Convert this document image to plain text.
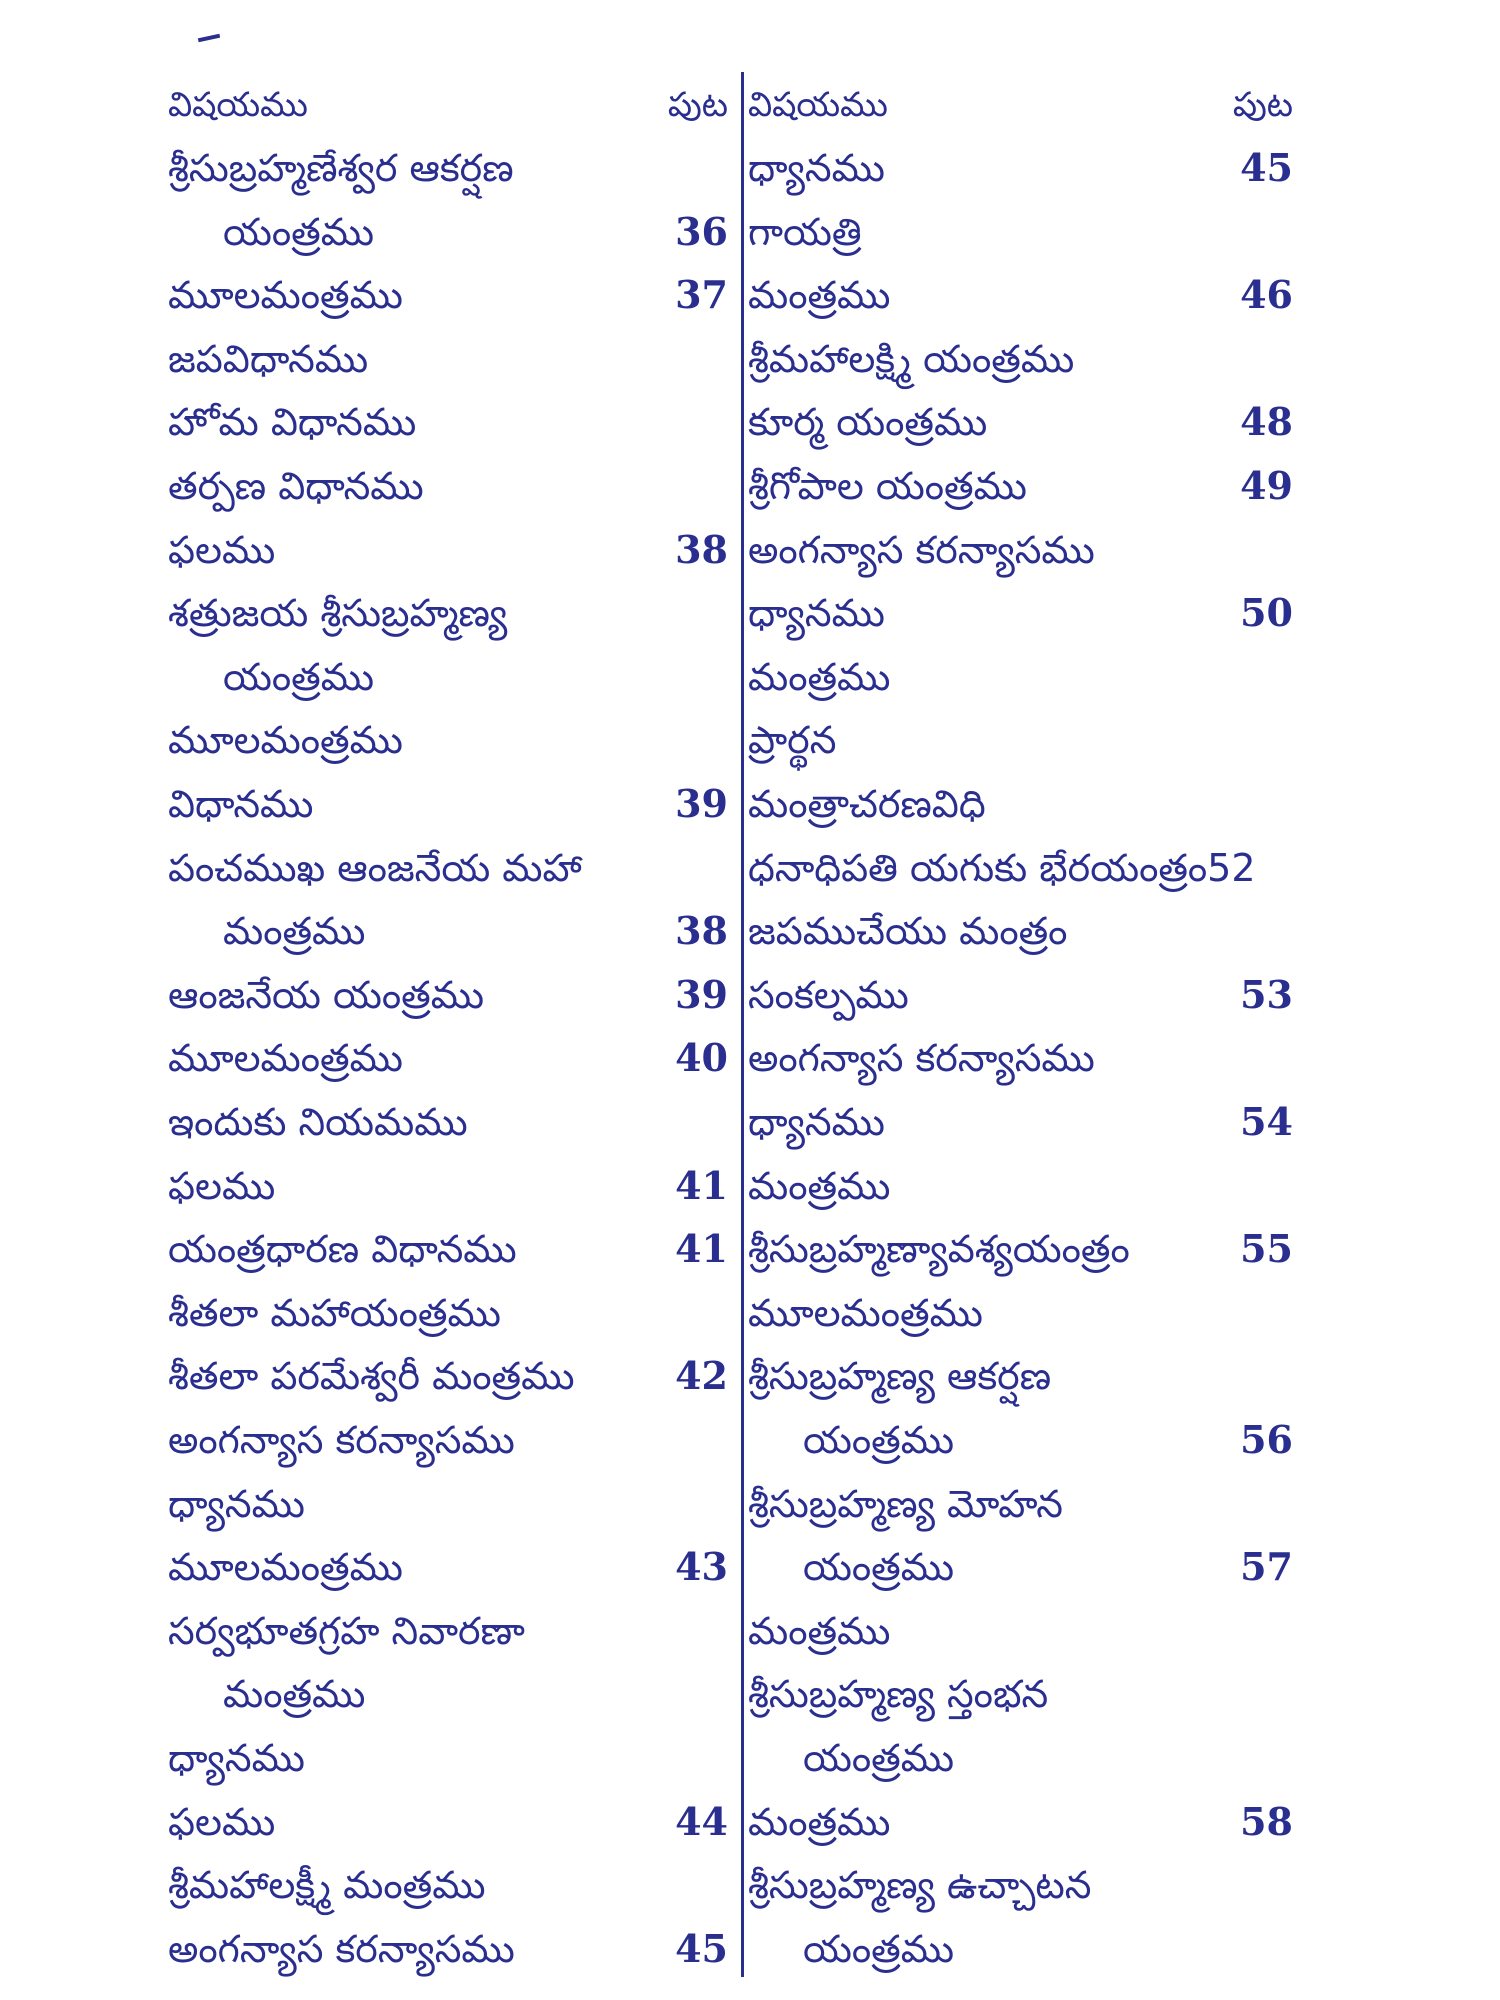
విషయము	పుట
శ్రీసుబ్రహ్మణేశ్వర ఆకర్షణ
యంత్రము	36
మూలమంత్రము	37
జపవిధానము
హోమ విధానము
తర్పణ విధానము
ఫలము	38
శత్రుజయ శ్రీసుబ్రహ్మణ్య
యంత్రము
మూలమంత్రము
విధానము	39
పంచముఖ ఆంజనేయ మహా
మంత్రము	38
ఆంజనేయ యంత్రము	39
మూలమంత్రము	40
ఇందుకు నియమము
ఫలము	41
యంత్రధారణ విధానము	41
శీతలా మహాయంత్రము
శీతలా పరమేశ్వరీ మంత్రము	42
అంగన్యాస కరన్యాసము
ధ్యానము
మూలమంత్రము	43
సర్వభూతగ్రహ నివారణా
మంత్రము
ధ్యానము
ఫలము	44
శ్రీమహాలక్ష్మీ మంత్రము
అంగన్యాస కరన్యాసము	45
విషయము	పుట
ధ్యానము	45
గాయత్రి
మంత్రము	46
శ్రీమహాలక్ష్మి యంత్రము
కూర్మ యంత్రము	48
శ్రీగోపాల యంత్రము	49
అంగన్యాస కరన్యాసము
ధ్యానము	50
మంత్రము
ప్రార్థన
మంత్రాచరణవిధి
ధనాధిపతి యగుకు భేరయంత్రం52
జపముచేయు మంత్రం
సంకల్పము	53
అంగన్యాస కరన్యాసము
ధ్యానము	54
మంత్రము
శ్రీసుబ్రహ్మణ్యావశ్యయంత్రం	55
మూలమంత్రము
శ్రీసుబ్రహ్మణ్య ఆకర్షణ
యంత్రము	56
శ్రీసుబ్రహ్మణ్య మోహన
యంత్రము	57
మంత్రము
శ్రీసుబ్రహ్మణ్య స్తంభన
యంత్రము
మంత్రము	58
శ్రీసుబ్రహ్మణ్య ఉచ్చాటన
యంత్రము
